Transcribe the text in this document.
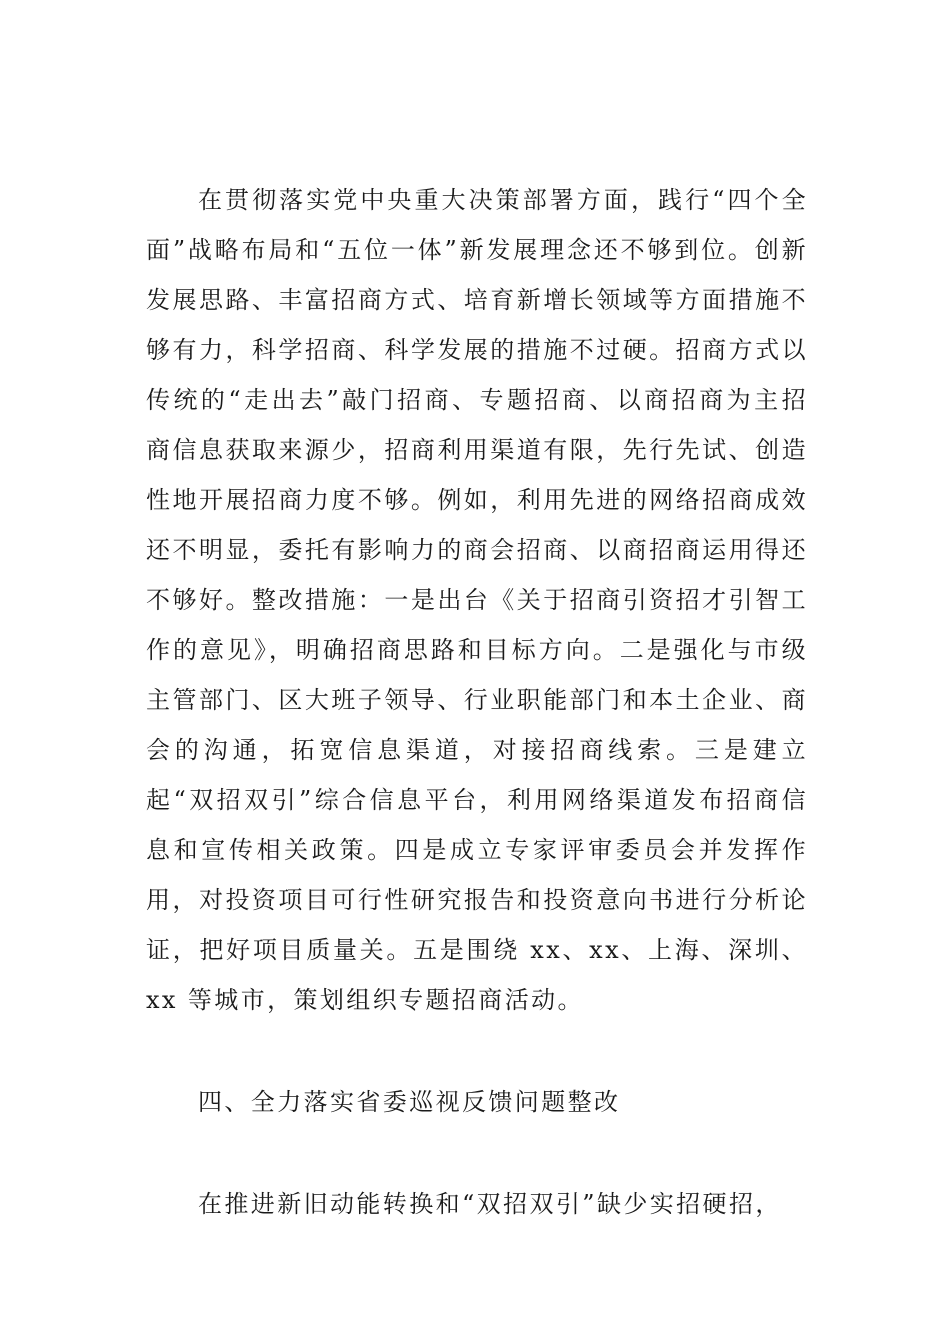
在贯彻落实党中央重大决策部署方面，践行“四个全面”战略布局和“五位一体”新发展理念还不够到位。创新发展思路、丰富招商方式、培育新增长领域等方面措施不够有力，科学招商、科学发展的措施不过硬。招商方式以传统的“走出去”敲门招商、专题招商、以商招商为主招商信息获取来源少，招商利用渠道有限，先行先试、创造性地开展招商力度不够。例如，利用先进的网络招商成效还不明显，委托有影响力的商会招商、以商招商运用得还不够好。整改措施：一是出台《关于招商引资招才引智工作的意见》，明确招商思路和目标方向。二是强化与市级主管部门、区大班子领导、行业职能部门和本土企业、商会的沟通，拓宽信息渠道，对接招商线索。三是建立起“双招双引”综合信息平台，利用网络渠道发布招商信息和宣传相关政策。四是成立专家评审委员会并发挥作用，对投资项目可行性研究报告和投资意向书进行分析论证，把好项目质量关。五是围绕 xx、xx、上海、深圳、xx 等城市，策划组织专题招商活动。

四、全力落实省委巡视反馈问题整改

在推进新旧动能转换和“双招双引”缺少实招硬招，
